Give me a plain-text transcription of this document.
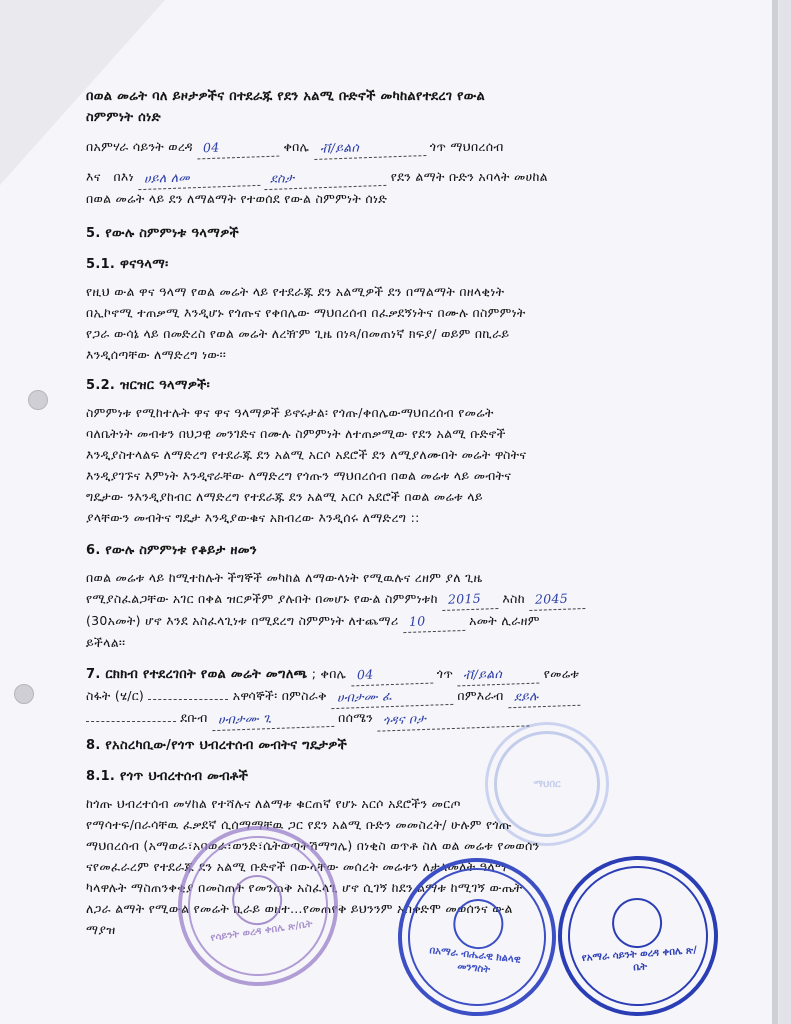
ማህበር
በወል መሬት ባለ ይዞታዎችና በተደራጁ የደን አልሚ ቡድኖች መካከልየተደረገ የውል
ስምምነት ሰነድ
በአምሃራ ሳይንት ወረዳ 04	ቀበሌ ቭ/ይልሰ	ጎጥ ማህበረሰብ
እና በእነ ሀይለ ለመ	ደስታ	የደን ልማት ቡድን አባላት መሀከል
በወል መሬት ላይ ደን ለማልማት የተወሰደ የውል ስምምነት ሰነድ
5. የውሉ ስምምነቱ ዓላማዎች
5.1. ዋናዓላማ፡
የዚህ ውል ዋና ዓላማ የወል መሬት ላይ የተደራጁ ደን አልሚዎች ደን በማልማት በዘላቂነት
በኢኮኖሚ ተጠቃሚ እንዲሆኑ የጎጡና የቀበሌው ማህበረሰብ በፈቃደኝነትና በሙሉ በስምምነት
የጋራ ውሳኔ ላይ በመድረስ የወል መሬት ለረዥም ጊዜ በነጻ/በመጠነኛ ክፍያ/ ወይም በኪራይ
እንዲሰጣቸው ለማድረግ ነው፡፡
5.2. ዝርዝር ዓላማዎች፡
ስምምነቱ የሚከተሉት ዋና ዋና ዓላማዎች ይኖሩታል፡ የጎጡ/ቀበሌውማህበረሰብ የመሬት
ባለቤትነት መብቱን በህጋዊ መንገድና በሙሉ ስምምነት ለተጠቃሚው የደን አልሚ ቡድኖች
እንዲያስተላልፍ ለማድረግ የተደራጁ ደን አልሚ አርሶ አደሮች ደን ለሚያለሙበት መሬት ዋስትና
እንዲያገኙና እምነት እንዲኖራቸው ለማድረግ የጎጡን ማህበረሰብ በወል መሬቱ ላይ መብትና
ግዴታው ንእንዲያከብር ለማድረግ የተደራጁ ደን አልሚ አርሶ አደሮች በወል መሬቱ ላይ
ያላቸውን መብትና ግዴታ እንዲያውቁና አክብረው እንዲሰሩ ለማድረግ ::
6. የውሉ ስምምነቱ የቆይታ ዘመን
በወል መሬቱ ላይ ከሚተከሉት ችግኞች መካከል ለማውላነት የሚዉሉና ረዘም ያለ ጊዜ
የሚያስፈልጋቸው አገር በቀል ዝርዎችም ያሉበት በመሆኑ የውል ስምምነቱከ 2015 እስከ 2045
(30አመት) ሆኖ እንደ አስፈላጊነቱ በሚደረግ ስምምነት ለተጨማሪ 10	አመት ሊራዘም
ይችላል፡፡
7. ርክክብ የተደረገበት የወል መሬት መግለጫ ; ቀበሌ 04	ጎጥ ቭ/ይልሰ	የመሬቱ
ስፋት (ሄ/ር)	አዋሳኞች፡ በምስራቅ ሀብታሙ ፈ	በምእራብ ደይሉ
ደቡብ ሀብታሙ ጊ	በሰሜን ጎዳና ቦታ
8. የአስረካቢው/የጎጥ ህብረተሰብ መብትና ግዴታዎች
8.1. የጎጥ ህብረተሰብ መብቶች
ከጎጡ ህብረተሰብ መሃከል የተሻሉና ለልማቱ ቁርጠኛ የሆኑ አርሶ አደሮችን መርጦ
የማሳተፍ/በራሳቸዉ ፈቃደኛ ሲሰማማቸዉ ጋር የደን አልሚ ቡድን መመስረት/ ሁሉም የጎጡ
ማህበረሰብ (አማወራ፣አባወራ፣ወንድ፣ሴትወጣትሽማግሌ) በነቂስ ወጥቶ ስለ ወል መሬቱ የመወሰን
ናየመፈራረም የተደራጁ ደን አልሚ ቡድኖች በውላቸው መሰረት መሬቱን ለታለመለት ዓላማ
ካላዋሉት ማስጠንቀቂያ በመስጠት የመንጠቅ አስፈላጊ ሆኖ ሲገኝ ከደን ልማቱ ከሚገኝ ውጤት
ለጋራ ልማት የሚውል የመሬት ኪራይ ወዘተ…የመጠየቅ ይህንንም አስቀድሞ መወሰንና ውል
ማያዝ	የሳይንት ወረዳ ቀበሌ ጽ/ቤት
በአማራ ብሔራዊ ክልላዊ መንግስት
የአማራ ሳይንት ወረዳ ቀበሌ ጽ/ቤት
